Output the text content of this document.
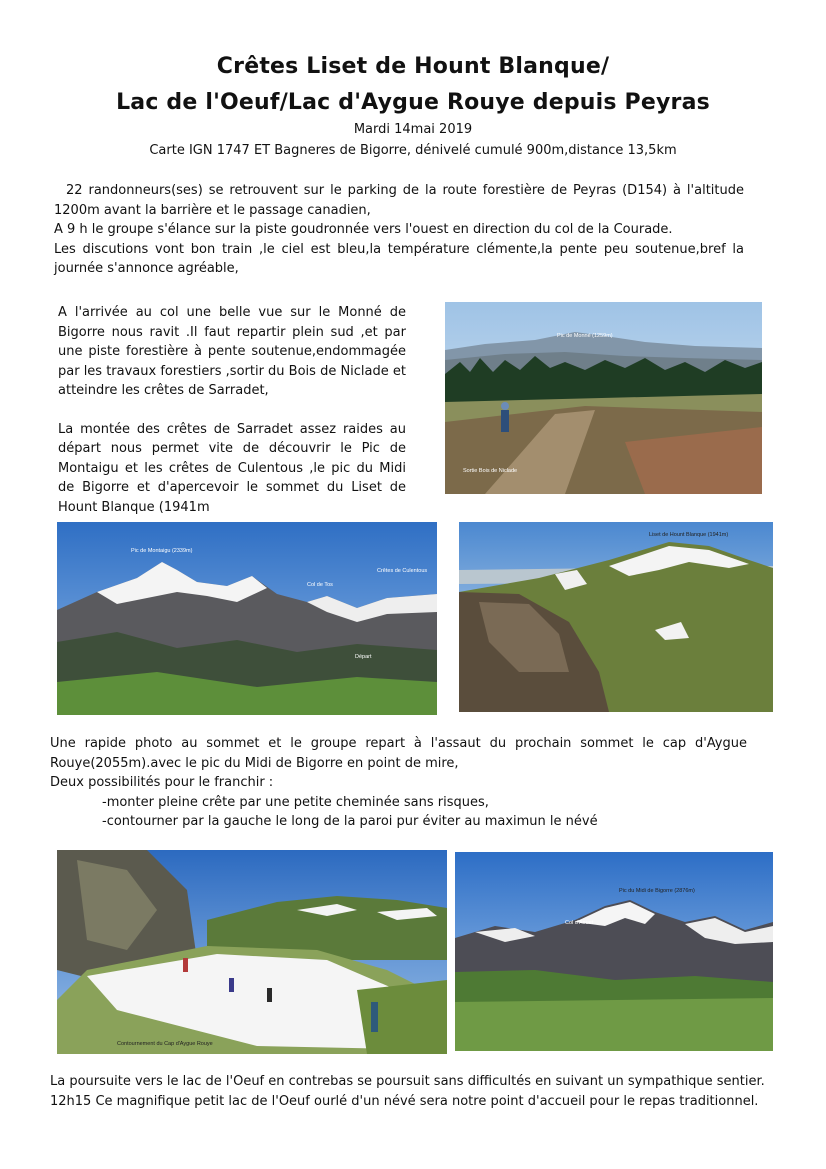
Crêtes Liset de Hount Blanque/
Lac de l'Oeuf/Lac d'Aygue Rouye depuis Peyras
Mardi 14mai 2019
Carte IGN 1747 ET Bagneres de Bigorre, dénivelé cumulé 900m,distance 13,5km
22 randonneurs(ses) se retrouvent sur le parking de la route forestière de Peyras (D154) à l'altitude 1200m avant la barrière et le passage canadien,
A 9 h le groupe s'élance sur la piste goudronnée vers l'ouest en direction du col de la Courade.
Les discutions vont bon train ,le ciel est bleu,la température clémente,la pente peu soutenue,bref la journée s'annonce agréable,
A l'arrivée au col une belle vue sur le Monné de Bigorre nous ravit .Il faut repartir plein sud ,et par une piste forestière à pente soutenue,endommagée par les travaux forestiers ,sortir du Bois de Niclade et atteindre les crêtes de Sarradet,
La montée des crêtes de Sarradet assez raides au départ nous permet vite de découvrir le Pic de Montaigu et les crêtes de Culentous ,le pic du Midi de Bigorre et d'apercevoir le sommet du Liset de Hount Blanque (1941m
Pic de Monné (1259m)
Sortie Bois de Niclade
Pic de Montaigu (2339m)
Col de Tos
Crêtes de Culentous
Départ
Liset de Hount Blanque (1941m)
Une rapide photo au sommet et le groupe repart à l'assaut du prochain sommet le cap d'Aygue Rouye(2055m).avec le pic du Midi de Bigorre en point de mire,
Deux possibilités pour le franchir :
-monter pleine crête par une petite cheminée sans risques,
-contourner par la gauche le long de la paroi pur éviter au maximun le névé
Contournement du Cap d'Aygue Rouye
Pic du Midi de Bigorre (2876m)
Col d'Aouet
La poursuite vers le lac de l'Oeuf en contrebas se poursuit sans difficultés en suivant un sympathique sentier.
12h15 Ce magnifique petit lac de l'Oeuf ourlé d'un névé sera notre point d'accueil pour le repas traditionnel.
